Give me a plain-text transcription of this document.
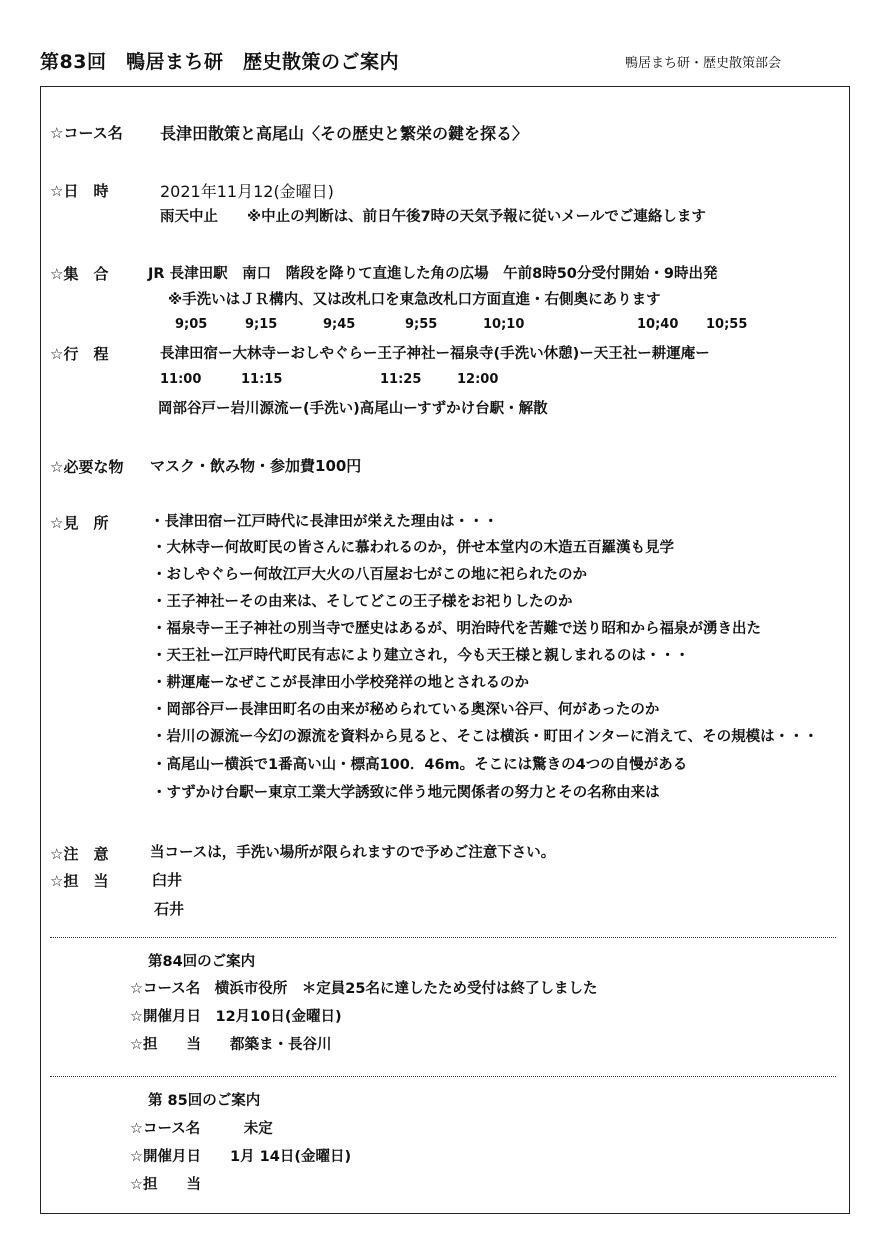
第83回　鴨居まち研　歴史散策のご案内	鴨居まち研・歴史散策部会
☆コース名 長津田散策と高尾山〈その歴史と繁栄の鍵を探る〉
☆日　時	2021年11月12(金曜日)
雨天中止　　※中止の判断は、前日午後7時の天気予報に従いメールでご連絡します
☆集　合	JR 長津田駅　南口　階段を降りて直進した角の広場　午前8時50分受付開始・9時出発
※手洗いはＪＲ構内、又は改札口を東急改札口方面直進・右側奥にあります
9;05	9;15	9;45	9;55	10;10	10;40 10;55
☆行　程	長津田宿ー大林寺ーおしやぐらー王子神社ー福泉寺(手洗い休憩)ー天王社ー耕運庵ー
11:00	11:15	11:25	12:00
岡部谷戸ー岩川源流ー(手洗い)高尾山ーすずかけ台駅・解散
☆必要な物 マスク・飲み物・参加費100円
☆見　所	・長津田宿ー江戸時代に長津田が栄えた理由は・・・
・大林寺ー何故町民の皆さんに慕われるのか，併せ本堂内の木造五百羅漢も見学
・おしやぐらー何故江戸大火の八百屋お七がこの地に祀られたのか
・王子神社ーその由来は、そしてどこの王子様をお祀りしたのか
・福泉寺ー王子神社の別当寺で歴史はあるが、明治時代を苦難で送り昭和から福泉が湧き出た
・天王社ー江戸時代町民有志により建立され，今も天王様と親しまれるのは・・・
・耕運庵ーなぜここが長津田小学校発祥の地とされるのか
・岡部谷戸ー長津田町名の由来が秘められている奥深い谷戸、何があったのか
・岩川の源流ー今幻の源流を資料から見ると、そこは横浜・町田インターに消えて、その規模は・・・
・高尾山ー横浜で1番高い山・標高100．46m。そこには驚きの4つの自慢がある
・すずかけ台駅ー東京工業大学誘致に伴う地元関係者の努力とその名称由来は
☆注　意	当コースは，手洗い場所が限られますので予めご注意下さい。
☆担　当	臼井
石井
第84回のご案内
☆コース名　横浜市役所　＊定員25名に達したため受付は終了しました
☆開催月日　12月10日(金曜日)
☆担　　当　　都築ま・長谷川
第 85回のご案内
☆コース名　　　未定
☆開催月日　　1月 14日(金曜日)
☆担　　当
